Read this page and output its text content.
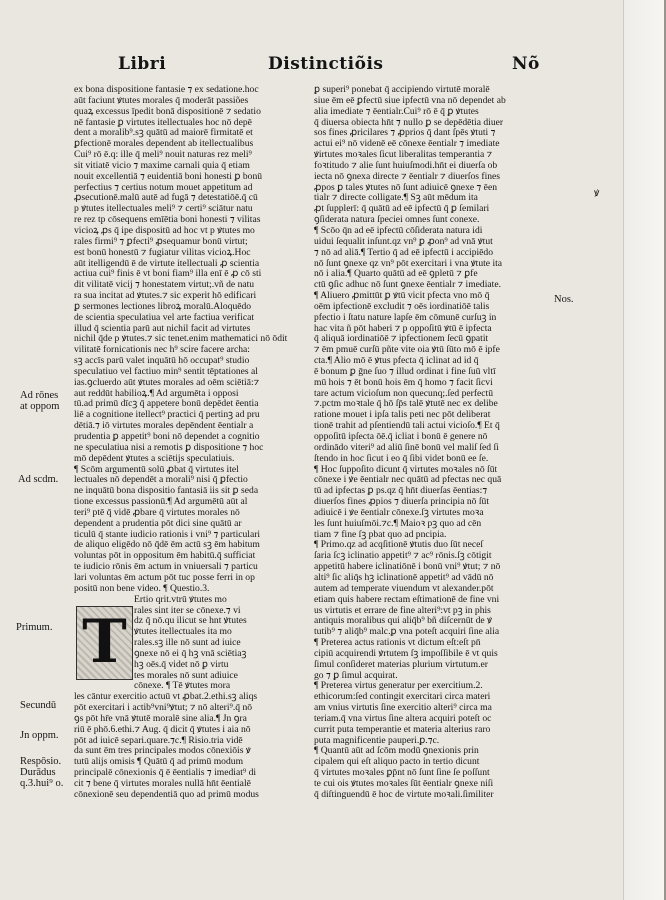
Libri	Distinctiõis	Nõ
ex bona dispositione fantasie ⁊ ex sedatione.hoc
aūt faciunt ꝟtutes morales q̄ moderāt passiões
quaꝝ excessus īpedit bonā dispositionē ⁊ sedatio
nē fantasie ꝑ virtutes itellectuales hoc nō depē
dent a moralib⁹.sꝫ quātū ad maiorē firmitatē et
ꝑfectionē morales dependent ab itellectualibus
Cui⁹ rō ē.q: ille q̄ meli⁹ nouit naturas rez meli⁹
sit vitiatē vicio ⁊ maxime carnali quia q̄ etiam
nouit excellentiā ⁊ euidentiā boni honesti ꝑ bonū
perfectius ⁊ certius notum mouet appetitum ad
ꝓsecutionē.malū autē ad fugā ⁊ detestatiōē.q̄ cū
p ꝟtutes itellectuales meli⁹ ⁊ certi⁹ sciātur natu
re rez tp cōsequens emīētia boni honesti ⁊ vilitas
vicioꝝ ꝓs q̄ ipe dispositū ad hoc vt p ꝟtutes mo
rales firmi⁹ ⁊ ꝑfecti⁹ ꝓsequamur bonū virtut;
est bonū honestū ⁊ fugiatur vilitas vicioꝝ.Hoc
aūt itelligendū ē de virtute itellectuali ꝓ scientia
actiua cui⁹ finis ē vt boni fiam⁹ illa enī ē ꝓ cō sti
dit vilitatē vicij ⁊ honestatem virtut;.vñ de natu
ra sua incitat ad ꝟtutes.⁊ sic experit hō edificari
ꝑ sermones lectiones libroꝝ moralū.Aloquēdo
de scientia speculatiua vel arte factiua verificat
illud q̄ scientia parū aut nichil facit ad virtutes
nichil q̄de p ꝟtutes.⁊ sic tenet.enim mathematici nō ōdit
vilitatē fornicationis nec h⁹ scire facere archa:
sꝫ accīs parū valet inquātū hō occupat⁹ studio
speculatiuo vel factiuo min⁹ sentit tēptationes al
ias.ꝯcluerdo aūt ꝟtutes morales ad oēm sciētiā:⁊
aut reddūt habilioꝝ.¶ Ad argumēta i opposi
tū.ad primū dīcꝫ q̄ appetere bonū depēdet ēentia
liē a cognitione itellect⁹ practici q̄ pertinꝫ ad pru
dētiā.⁊ iō virtutes morales depēndent ēentialr a
prudentia ꝑ appetit⁹ boni nō dependet a cognitio
ne speculatiua nisi a remotis ꝑ dispositione ⁊ hoc
mō depēdent ꝟtutes a sciētijs speculatiuis.
¶ Scōm argumentū solū ꝓbat q̄ virtutes itel
lectuales nō dependēt a morali⁹ nisi q̄ ꝑfectio
ne inquātū bona dispositio fantasiā iis sit ꝑ seda
tione excessus passionū.¶ Ad argumētū aūt al
teri⁹ ptē q̄ vidē ꝓbare q̄ virtutes morales nō
dependent a prudentia pōt dici sine quātū ar
ticulū q̄ stante iudicio rationis i vni⁹ ⁊ particulari
de aliquo eligēdo nō q̄dē ēm actū sꝫ ēm habitum
voluntas pōt in oppositum ēm habitū.q̄ sufficiat
te iudicio rōnis ēm actum in vniuersali ⁊ particu
lari voluntas ēm actum pōt tuc posse ferri in op
positū non bene video. ¶ Questio.3.
Ertio qrit.vtrū ꝟtutes mo
rales sint iter se cōnexe.⁊ vi
dz q̄ nō.qu ilicut se hnt ꝟtutes
ꝟtutes itellectuales ita mo
rales.sꝫ ille nō sunt ad iuice
ꝯnexe nō ei q̄ hꝫ vnā sciētiaꝫ
hꝫ oēs.q̄ videt nō ꝑ virtu
tes morales nō sunt adiuice
cōnexe. ¶ Tē ꝟtutes mora
les cāntur exercitio actuū vt ꝓbat.2.ethi.sꝫ aliqs
pōt exercitari i actib⁹vni⁹ꝟtut; ⁊ nō alteri⁹.q̄ nō
ꝯs pōt hr̄e vnā ꝟtutē moralē sine alia.¶ Jn ꝯra
riū ē phō.6.ethi.⁊ Aug. q̄ dicit q̄ ꝟtutes i aia nō
pōt ad iuicē separi.quare.⁊c.¶ Risio.tria vidē
da sunt ēm tres principales modos cōnexiōis ꝟ
tutū alijs omisis ¶ Quātū q̄ ad primū modum
principalē cōnexionis q̄ ē ēentialis ⁊ imediat⁹ di
cit ⁊ bene q̄ virtutes morales nullā hn̄t ēentialē
cōnexionē seu dependentiā quo ad primū modus
ꝑ superi⁹ ponebat q̄ accipiendo virtutē moralē
siue ēm eē ꝑfectū siue ipfectū vna nō dependet ab
alia imediate ⁊ ēentialr.Cui⁹ rō ē q̄ ꝑ ꝟtutes
q̄ diuersa obiecta hn̄t ⁊ nullo ꝑ se depēdētia diuer
sos fines ꝓricilares ⁊ ꝓprios q̄ dant ſpēs ꝟtuti ⁊
actui ei⁹ nō videnē eē cōnexe ēentialr ⁊ imediate
ꝟirtutes moꝛales ſicut liberalitas temperantia ⁊
foꝛtitudo ⁊ alie ſunt huiuſmodi.hn̄t ei diuerſa ob
iecta nō ꝯnexa directe ⁊ ēentialr ⁊ diuerſos fines
ꝓpos ꝑ tales ꝟtutes nō ſunt adiuicē ꝯnexe ⁊ ēen
tialr ⁊ directe colligate.¶ Sꝫ aūt mēdum ita
ꝓt ſupplerī: q̄ quātū ad eē ipfectū q̄ ꝑ ſemilari
ꝯſiderata natura ſpeciei omnes ſunt conexe.
¶ Scōo q̄n ad eē ipfectū cōſiderata natura idi
uidui ſequalit inſunt.qz vn⁹ ꝑ ꝓon⁹ ad vnā ꝟtut
⁊ nō ad aliā.¶ Tertio q̄ ad eē ipfectū i accipiēdo
nō ſunt ꝯnexe qz vn⁹ pōt exercitari i vna ꝟtute ita
nō i alia.¶ Quarto quātū ad eē ꝯpletū ⁊ ꝑfe
ctū ꝯſic adhuc nō ſunt ꝯnexe ēentialr ⁊ imediate.
¶ Aliuero ꝓmittūt ꝑ ꝟtū vicit pfecta vno mō q̄
oēm ipfectionē excludit ⁊ oēs iordinatiōē talis
pfectio i ſtatu nature lapſe ēm cōmunē curſuꝫ in
hac vita ñ pōt haberi ⁊ p oppoſitū ꝟtū ē ipfecta
q̄ aliquā iordinatiōē ⁊ ipfectionem ſecū ꝯpatit
⁊ ēm pmuē curſū pñte vite oia ꝟtū ſūto mō ē ipfe
cta.¶ Alio mō ē ꝟtus pfecta q̄ iclinat ad id q̄
ē bonum ꝑ ḡne ſuo ⁊ illud ordinat i fine ſuū vltī
mū hois ⁊ ēt bonū hois ēm q̄ homo ⁊ facit ſicvi
tare actum vicioſum non quecunq;.ſed perfectū
⁊.pctm moꝛtale q̄ hō ſp̄s talē ꝟtutē nec ex delibe
ratione mouet i ipſa talis peti nec pōt deliberat
tionē traḣit ad pſentiendū tali actui vicioſo.¶ Et q̄
oppoſitū ipſecta ōē.q̄ icliat i bonū ē genere nō
ordinādo viteri⁹ ad aliū ſinē bonū vel maliſ ſed ſi
ſtendo in hoc ſicut i eo q̄ ſibi videt bonū ee ſe.
¶ Hoc ſuppoſito dicunt q̄ virtutes moꝛales nō ſūt
cōnexe i ꝟe ēentialr nec quātū ad pfectas nec quā
tū ad ipfectas ꝑ ps.qz q̄ hn̄t diuerſas ēentias:⁊
diuerſos fines ꝓpios ⁊ diuerſa principia nō ſūt
adiuicē i ꝟe ēentialr cōnexe.ſꝫ virtutes moꝛa
les ſunt huiuſmōi.⁊c.¶ Maioꝛ pꝫ quo ad cēn
tiam ⁊ fine ſꝫ pbat quo ad pncipia.
¶ Primo.qz ad acqſitionē ꝟtutis duo ſūt neceſ
ſaria ſcꝫ iclinatio appetit⁹ ⁊ ac⁹ rōnis.ſꝫ cōtigit
appetitū habere iclinatiōnē i bonū vni⁹ ꝟtut; ⁊ nō
alti⁹ ſic aliq̄s hꝫ iclinationē appetit⁹ ad vādū nō
autem ad temperate viuendum vt alexander.pōt
etiam quis habere rectam eſtimationē de fine vni
us virtutis et errare de fine alteri⁹:vt pꝫ in phis
antiquis moralibus qui aliq̄b⁹ bñ diſcernūt de ꝟ
tutib⁹ ⁊ aliq̄b⁹ malc.ꝑ vna poteſt acquiri ſine alia
¶ Preterea actus rationis vt dictum eſt:eſt pn̄
cipiū acquirendi ꝟrtutem ſꝫ impoſſibile ē vt quis
ſimul conſideret materias plurium virtutum.er
go ⁊ ꝑ ſimul acquirat.
¶ Preterea virtus generatur per exercitium.2.
ethicorum:ſed contingit exercitari circa materi
am vnius virtutis ſine exercitio alteri⁹ circa ma
teriam.q̄ vna virtus ſine altera acquiri poteſt oc
currit puta temperantie et materia alterius raro
puta magnificentie pauperi.ꝑ.⁊c.
¶ Quantū aūt ad ſcōm modū ꝯnexionis prin
cipalem qui eſt aliquo pacto in tertio dicunt
q̄ virtutes moꝛales ꝑp̄nt nō ſunt ſine ſe poſſunt
te cui ois ꝟtutes moꝛales ſūt ēentialr ꝯnexe niſi
q̄ diſtinguendū ē hoc de virtute moꝛali.ſimiliter
T
Ad rōnes
at oppom
Ad scdm.
Primum.
Secundū
Jn oppm.
Respōsio.
Durādus
q.3.hui⁹ o.
ꝟ
Nos.
